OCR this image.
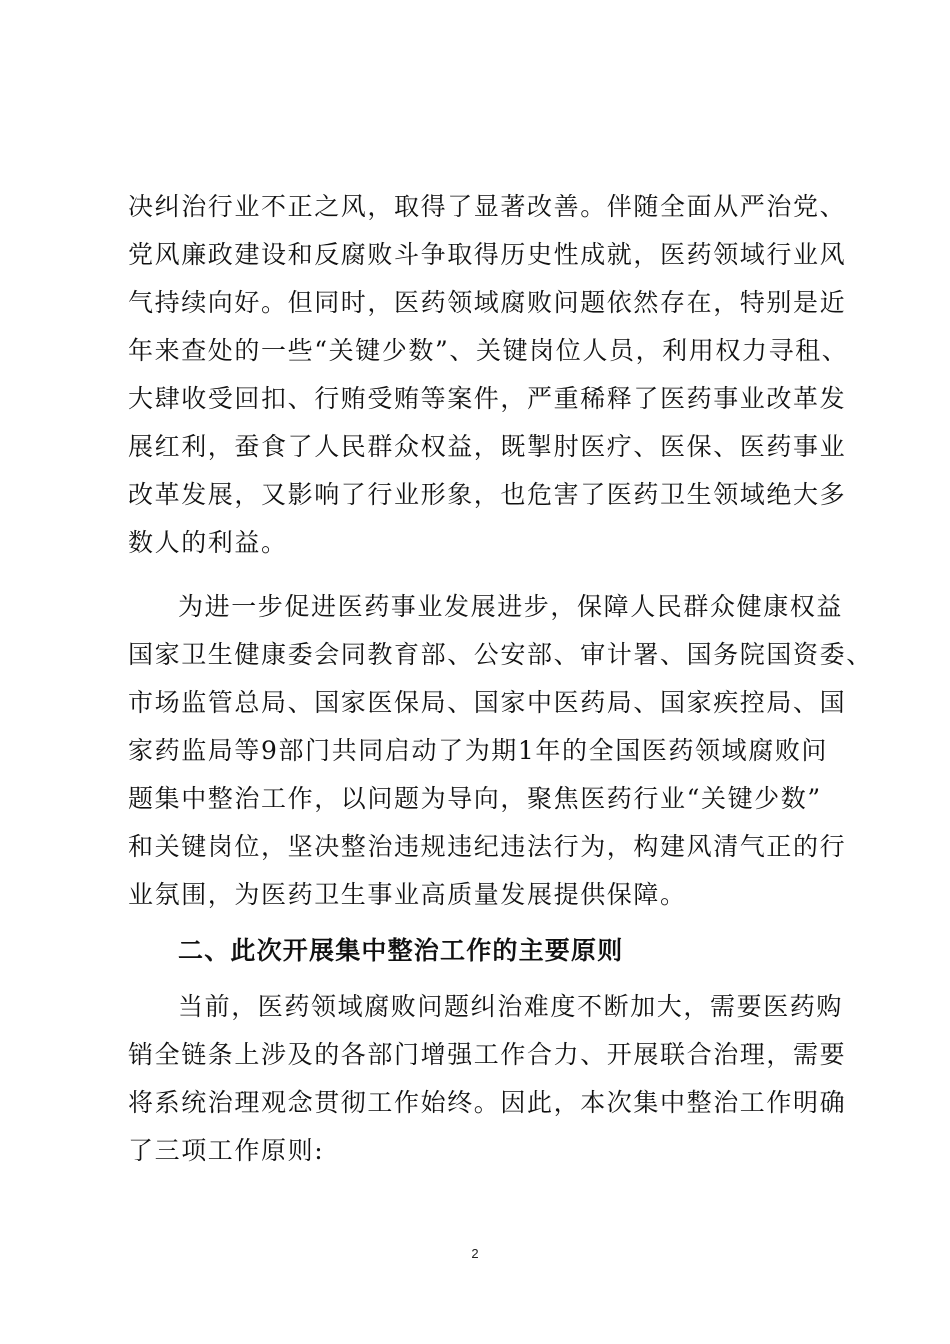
决纠治行业不正之风，取得了显著改善。伴随全面从严治党、
党风廉政建设和反腐败斗争取得历史性成就，医药领域行业风
气持续向好。但同时，医药领域腐败问题依然存在，特别是近
年来查处的一些“关键少数”、关键岗位人员，利用权力寻租、
大肆收受回扣、行贿受贿等案件，严重稀释了医药事业改革发
展红利，蚕食了人民群众权益，既掣肘医疗、医保、医药事业
改革发展，又影响了行业形象，也危害了医药卫生领域绝大多
数人的利益。
为进一步促进医药事业发展进步，保障人民群众健康权益
国家卫生健康委会同教育部、公安部、审计署、国务院国资委、
市场监管总局、国家医保局、国家中医药局、国家疾控局、国
家药监局等9部门共同启动了为期1年的全国医药领域腐败问
题集中整治工作，以问题为导向，聚焦医药行业“关键少数”
和关键岗位，坚决整治违规违纪违法行为，构建风清气正的行
业氛围，为医药卫生事业高质量发展提供保障。
二、此次开展集中整治工作的主要原则
当前，医药领域腐败问题纠治难度不断加大，需要医药购
销全链条上涉及的各部门增强工作合力、开展联合治理，需要
将系统治理观念贯彻工作始终。因此，本次集中整治工作明确
了三项工作原则:
2
